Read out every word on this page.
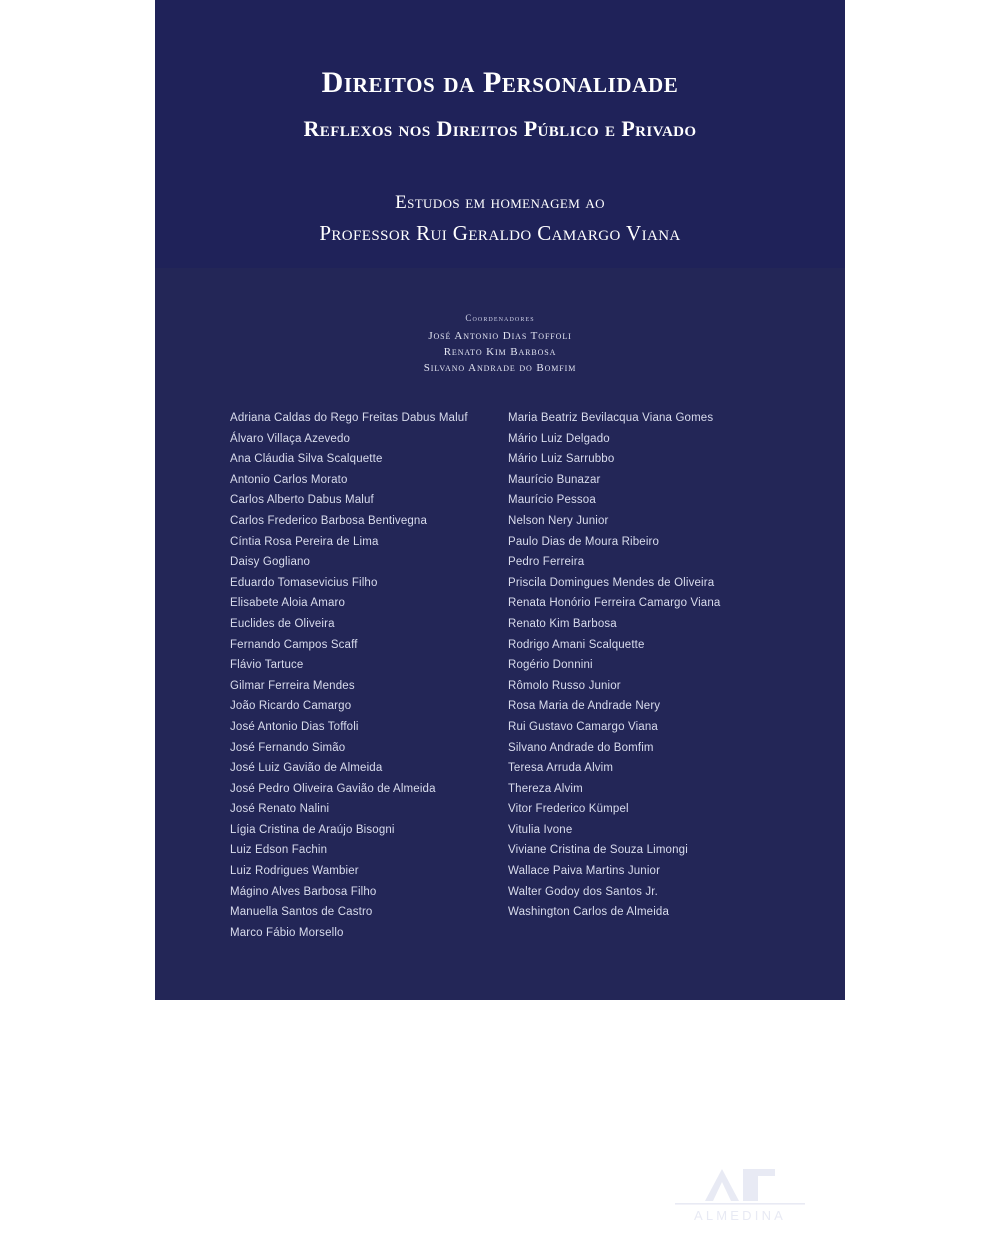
Direitos da Personalidade
Reflexos nos Direitos Público e Privado
Estudos em homenagem ao
Professor Rui Geraldo Camargo Viana
Coordenadores
José Antonio Dias Toffoli
Renato Kim Barbosa
Silvano Andrade do Bomfim
Adriana Caldas do Rego Freitas Dabus Maluf
Álvaro Villaça Azevedo
Ana Cláudia Silva Scalquette
Antonio Carlos Morato
Carlos Alberto Dabus Maluf
Carlos Frederico Barbosa Bentivegna
Cíntia Rosa Pereira de Lima
Daisy Gogliano
Eduardo Tomasevicius Filho
Elisabete Aloia Amaro
Euclides de Oliveira
Fernando Campos Scaff
Flávio Tartuce
Gilmar Ferreira Mendes
João Ricardo Camargo
José Antonio Dias Toffoli
José Fernando Simão
José Luiz Gavião de Almeida
José Pedro Oliveira Gavião de Almeida
José Renato Nalini
Lígia Cristina de Araújo Bisogni
Luiz Edson Fachin
Luiz Rodrigues Wambier
Mágino Alves Barbosa Filho
Manuella Santos de Castro
Marco Fábio Morsello
Maria Beatriz Bevilacqua Viana Gomes
Mário Luiz Delgado
Mário Luiz Sarrubbo
Maurício Bunazar
Maurício Pessoa
Nelson Nery Junior
Paulo Dias de Moura Ribeiro
Pedro Ferreira
Priscila Domingues Mendes de Oliveira
Renata Honório Ferreira Camargo Viana
Renato Kim Barbosa
Rodrigo Amani Scalquette
Rogério Donnini
Rômolo Russo Junior
Rosa Maria de Andrade Nery
Rui Gustavo Camargo Viana
Silvano Andrade do Bomfim
Teresa Arruda Alvim
Thereza Alvim
Vitor Frederico Kümpel
Vitulia Ivone
Viviane Cristina de Souza Limongi
Wallace Paiva Martins Junior
Walter Godoy dos Santos Jr.
Washington Carlos de Almeida
ALMEDINA
